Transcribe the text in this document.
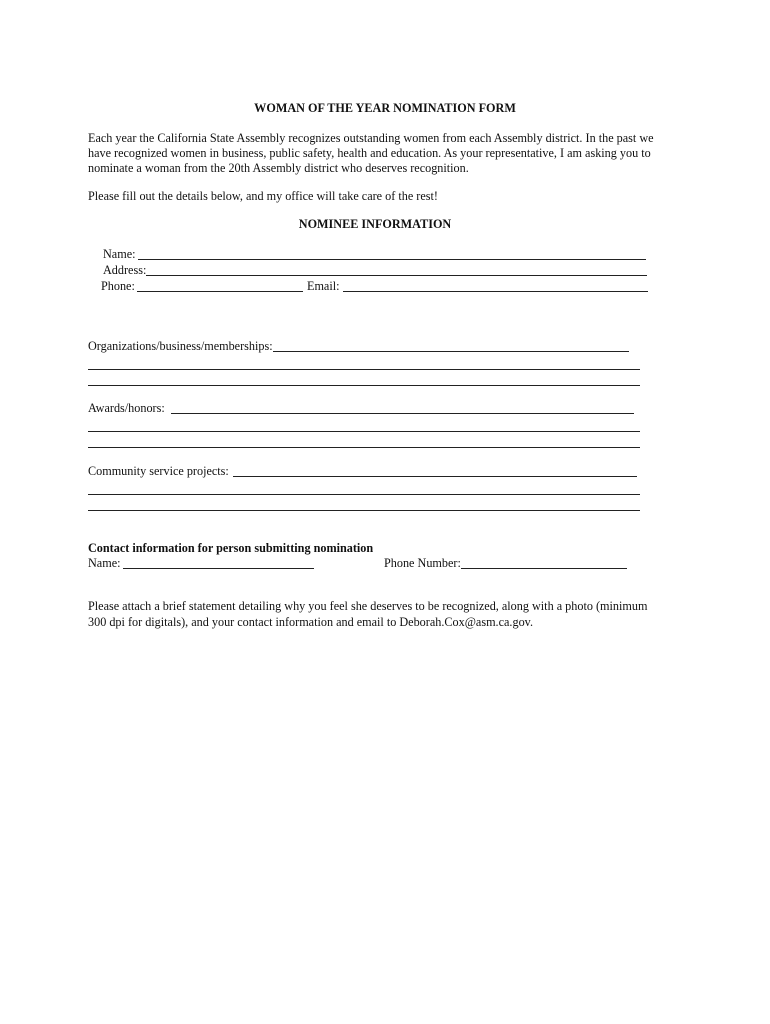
WOMAN OF THE YEAR NOMINATION FORM
Each year the California State Assembly recognizes outstanding women from each Assembly district. In the past we
have recognized women in business, public safety, health and education. As your representative, I am asking you to
nominate a woman from the 20th Assembly district who deserves recognition.
Please fill out the details below, and my office will take care of the rest!
NOMINEE INFORMATION
Name:
Address:
Phone:	Email:
Organizations/business/memberships:
Awards/honors:
Community service projects:
Contact information for person submitting nomination
Name:	Phone Number:
Please attach a brief statement detailing why you feel she deserves to be recognized, along with a photo (minimum
300 dpi for digitals), and your contact information and email to Deborah.Cox@asm.ca.gov.
